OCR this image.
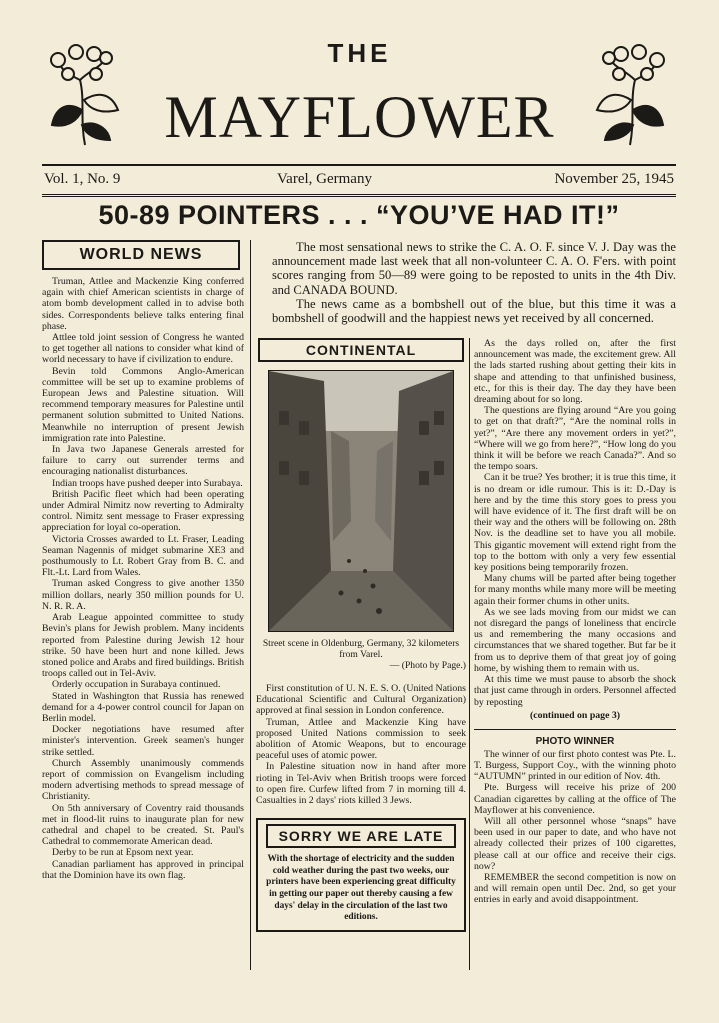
THE
MAYFLOWER
Vol. 1, No. 9	Varel, Germany	November 25, 1945
50-89 POINTERS . . . “YOU’VE HAD IT!”
WORLD NEWS

Truman, Attlee and Mackenzie King conferred again with chief American scientists in charge of atom bomb development called in to advise both sides. Correspondents believe talks entering final phase.

Attlee told joint session of Congress he wanted to get together all nations to consider what kind of world necessary to have if civilization to endure.

Bevin told Commons Anglo-American committee will be set up to examine problems of European Jews and Palestine situation. Will recommend temporary measures for Palestine until permanent solution submitted to United Nations. Meanwhile no interruption of present Jewish immigration rate into Palestine.

In Java two Japanese Generals arrested for failure to carry out surrender terms and encouraging nationalist disturbances.

Indian troops have pushed deeper into Surabaya.

British Pacific fleet which had been operating under Admiral Nimitz now reverting to Admiralty control. Nimitz sent message to Fraser expressing appreciation for loyal co-operation.

Victoria Crosses awarded to Lt. Fraser, Leading Seaman Nagennis of midget submarine XE3 and posthumously to Lt. Robert Gray from B. C. and Flt.-Lt. Lard from Wales.

Truman asked Congress to give another 1350 million dollars, nearly 350 million pounds for U. N. R. R. A.

Arab League appointed committee to study Bevin's plans for Jewish problem. Many incidents reported from Palestine during Jewish 12 hour strike. 50 have been hurt and none killed. Jews stoned police and Arabs and fired buildings. British troops called out in Tel-Aviv.

Orderly occupation in Surabaya continued.

Stated in Washington that Russia has renewed demand for a 4-power control council for Japan on Berlin model.

Docker negotiations have resumed after minister's intervention. Greek seamen's hunger strike settled.

Church Assembly unanimously commends report of commission on Evangelism including modern advertising methods to spread message of Christianity.

On 5th anniversary of Coventry raid thousands met in flood-lit ruins to inaugurate plan for new cathedral and chapel to be created. St. Paul's Cathedral to commemorate American dead.

Derby to be run at Epsom next year.

Canadian parliament has approved in principal that the Dominion have its own flag.

The most sensational news to strike the C. A. O. F. since V. J. Day was the announcement made last week that all non-volunteer C. A. O. F'ers. with point scores ranging from 50—89 were going to be reposted to units in the 4th Div. and CANADA BOUND.

The news came as a bombshell out of the blue, but this time it was a bombshell of goodwill and the happiest news yet received by all concerned.

CONTINENTAL
Street scene in Oldenburg, Germany, 32 kilometers from Varel.
— (Photo by Page.)

First constitution of U. N. E. S. O. (United Nations Educational Scientific and Cultural Organization) approved at final session in London conference.

Truman, Attlee and Mackenzie King have proposed United Nations commission to seek abolition of Atomic Weapons, but to encourage peaceful uses of atomic power.

In Palestine situation now in hand after more rioting in Tel-Aviv when British troops were forced to open fire. Curfew lifted from 7 in morning till 4. Casualties in 2 days' riots killed 3 Jews.

SORRY WE ARE LATE
With the shortage of electricity and the sudden cold weather during the past two weeks, our printers have been experiencing great difficulty in getting our paper out thereby causing a few days' delay in the circulation of the last two editions.

As the days rolled on, after the first announcement was made, the excitement grew. All the lads started rushing about getting their kits in shape and attending to that unfinished business, etc., for this is their day. The day they have been dreaming about for so long.

The questions are flying around “Are you going to get on that draft?”, “Are the nominal rolls in yet?”, “Are there any movement orders in yet?”, “Where will we go from here?”, “How long do you think it will be before we reach Canada?”. And so the tempo soars.

Can it be true? Yes brother; it is true this time, it is no dream or idle rumour. This is it: D.-Day is here and by the time this story goes to press you will have evidence of it. The first draft will be on their way and the others will be following on. 28th Nov. is the deadline set to have you all mobile. This gigantic movement will extend right from the top to the bottom with only a very few essential key positions being temporarily frozen.

Many chums will be parted after being together for many months while many more will be meeting again their former chums in other units.

As we see lads moving from our midst we can not disregard the pangs of loneliness that encircle us and remembering the many occasions and circumstances that we shared together. But far be it from us to deprive them of that great joy of going home, by wishing them to remain with us.

At this time we must pause to absorb the shock that just came through in orders. Personnel affected by reposting

(continued on page 3)
PHOTO WINNER

The winner of our first photo contest was Pte. L. T. Burgess, Support Coy., with the winning photo “AUTUMN” printed in our edition of Nov. 4th.

Pte. Burgess will receive his prize of 200 Canadian cigarettes by calling at the office of The Mayflower at his convenience.

Will all other personnel whose “snaps” have been used in our paper to date, and who have not already collected their prizes of 100 cigarettes, please call at our office and receive their cigs. now?

REMEMBER the second competition is now on and will remain open until Dec. 2nd, so get your entries in early and avoid disappointment.
